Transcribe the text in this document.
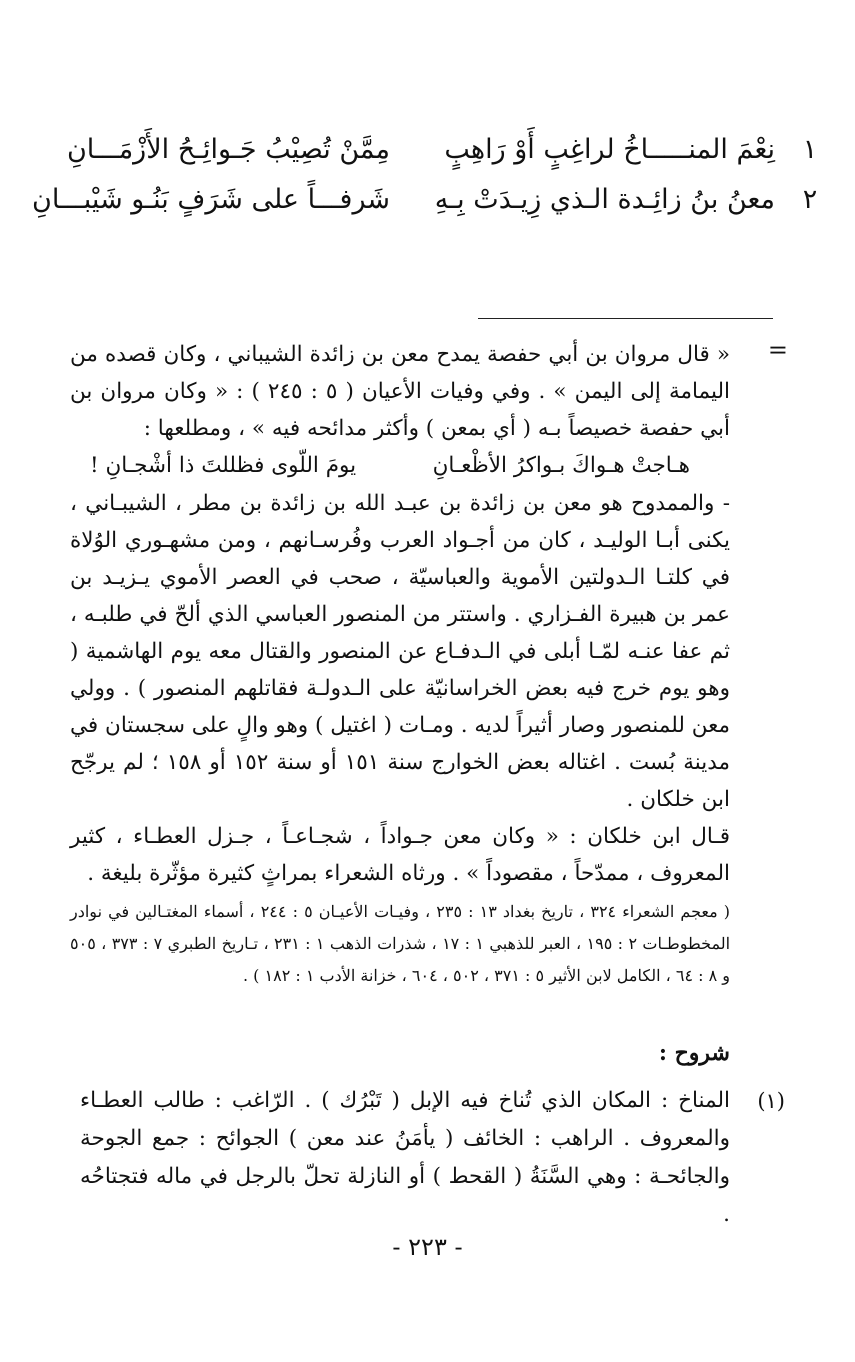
١
نِعْمَ المنـــــاخُ لراغِبٍ أَوْ رَاهِبٍ
مِمَّنْ تُصِيْبُ جَـوائِـحُ الأَزْمَـــانِ
٢
معنُ بنُ زائِـدة الـذي زِيـدَتْ بِـهِ
شَرفـــاً على شَرَفٍ بَنُـو شَيْبـــانِ
=

« قال مروان بن أبي حفصة يمدح معن بن زائدة الشيباني ، وكان قصده من اليمامة إلى اليمن » . وفي وفيات الأعيان ( ٥ : ٢٤٥ ) : « وكان مروان بن أبي حفصة خصيصاً بـه ( أي بمعن ) وأكثر مدائحه فيه » ، ومطلعها :

هـاجتْ هـواكَ بـواكرُ الأظْعـانِ
يومَ اللّوى فظللتَ ذا أشْجـانِ !

- والممدوح هو معن بن زائدة بن عبـد الله بن زائدة بن مطر ، الشيبـاني ، يكنى أبـا الوليـد ، كان من أجـواد العرب وفُرسـانهم ، ومن مشهـوري الوُلاة في كلتـا الـدولتين الأموية والعباسيّة ، صحب في العصر الأموي يـزيـد بن عمر بن هبيرة الفـزاري . واستتر من المنصور العباسي الذي ألحّ في طلبـه ، ثم عفا عنـه لمّـا أبلى في الـدفـاع عن المنصور والقتال معه يوم الهاشمية ( وهو يوم خرج فيه بعض الخراسانيّة على الـدولـة فقاتلهم المنصور ) . وولي معن للمنصور وصار أثيراً لديه . ومـات ( اغتيل ) وهو والٍ على سجستان في مدينة بُست . اغتاله بعض الخوارج سنة ١٥١ أو سنة ١٥٢ أو ١٥٨ ؛ لم يرجّح ابن خلكان .

قـال ابن خلكان : « وكان معن جـواداً ، شجـاعـاً ، جـزل العطـاء ، كثير المعروف ، ممدّحاً ، مقصوداً » . ورثاه الشعراء بمراثٍ كثيرة مؤثّرة بليغة .

( معجم الشعراء ٣٢٤ ، تاريخ بغداد ١٣ : ٢٣٥ ، وفيـات الأعيـان ٥ : ٢٤٤ ، أسماء المغتـالين في نوادر المخطوطـات ٢ : ١٩٥ ، العبر للذهبي ١ : ١٧ ، شذرات الذهب ١ : ٢٣١ ، تـاريخ الطبري ٧ : ٣٧٣ ، ٥٠٥ و ٨ : ٦٤ ، الكامل لابن الأثير ٥ : ٣٧١ ، ٥٠٢ ، ٦٠٤ ، خزانة الأدب ١ : ١٨٢ ) .
شروح :
(١)

المناخ : المكان الذي تُناخ فيه الإبل ( تَبْرُك ) . الرّاغب : طالب العطـاء والمعروف . الراهب : الخائف ( يأمَنُ عند معن ) الجوائح : جمع الجوحة والجائحـة : وهي السَّنَةُ ( القحط ) أو النازلة تحلّ بالرجل في ماله فتجتاحُه .

- ٢٢٣ -
